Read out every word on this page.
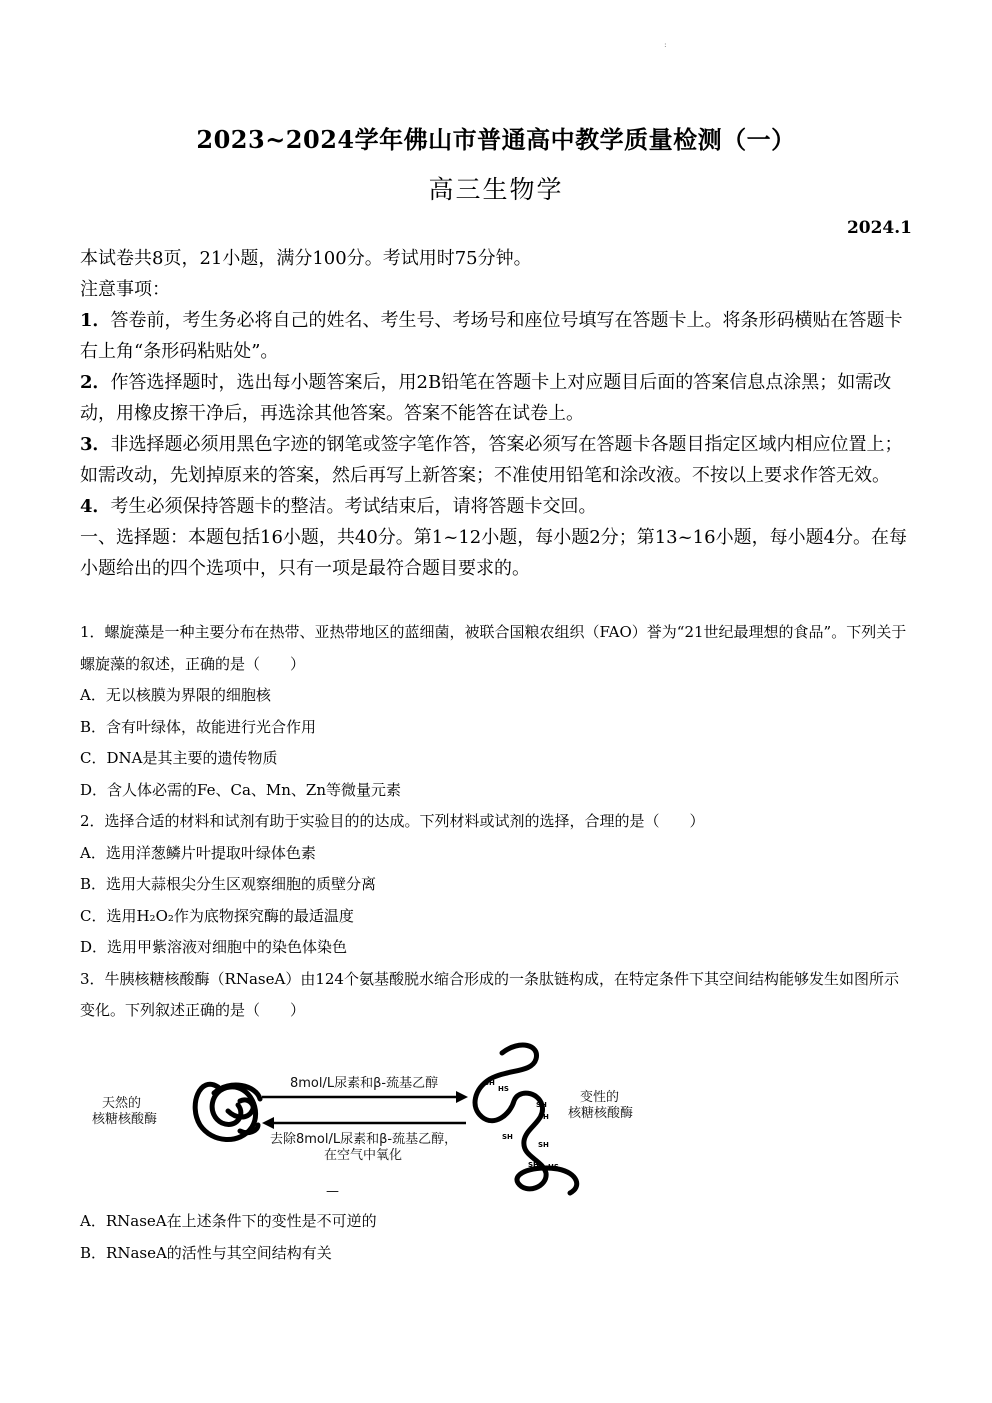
:
2023~2024学年佛山市普通高中教学质量检测（一）
高三生物学
2024.1

本试卷共8页，21小题，满分100分。考试用时75分钟。

注意事项：

1．答卷前，考生务必将自己的姓名、考生号、考场号和座位号填写在答题卡上。将条形码横贴在答题卡右上角“条形码粘贴处”。

2．作答选择题时，选出每小题答案后，用2B铅笔在答题卡上对应题目后面的答案信息点涂黑；如需改动，用橡皮擦干净后，再选涂其他答案。答案不能答在试卷上。

3．非选择题必须用黑色字迹的钢笔或签字笔作答，答案必须写在答题卡各题目指定区域内相应位置上；如需改动，先划掉原来的答案，然后再写上新答案；不准使用铅笔和涂改液。不按以上要求作答无效。

4．考生必须保持答题卡的整洁。考试结束后，请将答题卡交回。

一、选择题：本题包括16小题，共40分。第1~12小题，每小题2分；第13~16小题，每小题4分。在每小题给出的四个选项中，只有一项是最符合题目要求的。

1．螺旋藻是一种主要分布在热带、亚热带地区的蓝细菌，被联合国粮农组织（FAO）誉为“21世纪最理想的食品”。下列关于螺旋藻的叙述，正确的是（　　）

A．无以核膜为界限的细胞核

B．含有叶绿体，故能进行光合作用

C．DNA是其主要的遗传物质

D．含人体必需的Fe、Ca、Mn、Zn等微量元素

2．选择合适的材料和试剂有助于实验目的的达成。下列材料或试剂的选择，合理的是（　　）

A．选用洋葱鳞片叶提取叶绿体色素

B．选用大蒜根尖分生区观察细胞的质壁分离

C．选用H₂O₂作为底物探究酶的最适温度

D．选用甲紫溶液对细胞中的染色体染色

3．牛胰核糖核酸酶（RNaseA）由124个氨基酸脱水缩合形成的一条肽链构成，在特定条件下其空间结构能够发生如图所示变化。下列叙述正确的是（　　）

天然的
核糖核酸酶
8mol/L尿素和β-巯基乙醇
去除8mol/L尿素和β-巯基乙醇，
在空气中氧化
SH
HS
SH
SH
SH
SH
SH HS
变性的
核糖核酸酶
—

A．RNaseA在上述条件下的变性是不可逆的

B．RNaseA的活性与其空间结构有关
